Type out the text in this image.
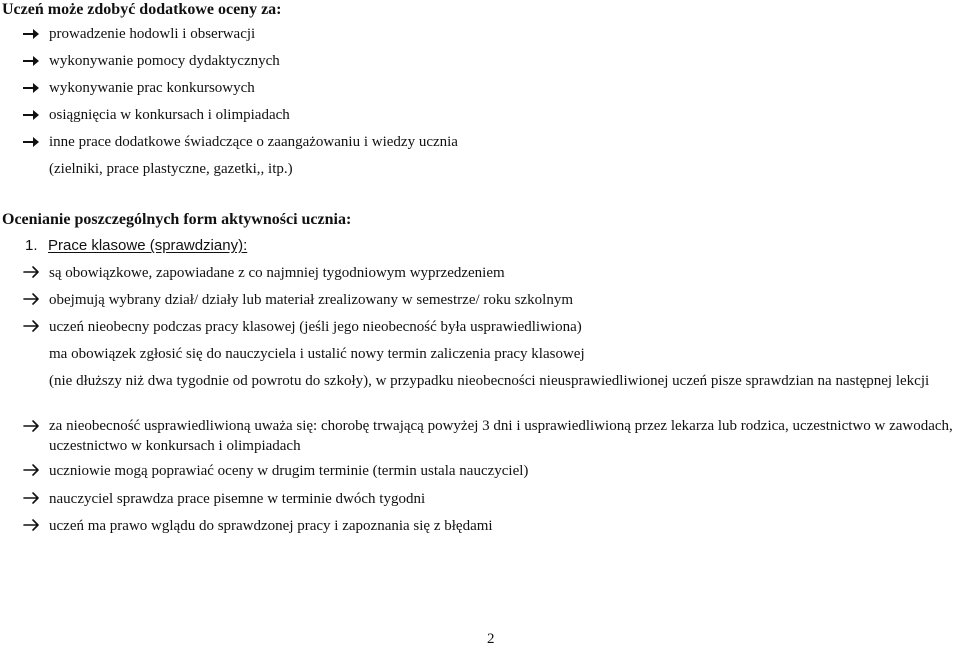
Uczeń może zdobyć dodatkowe oceny za:
prowadzenie hodowli i obserwacji
wykonywanie pomocy dydaktycznych
wykonywanie prac konkursowych
osiągnięcia w konkursach i olimpiadach
inne prace dodatkowe świadczące o zaangażowaniu i wiedzy ucznia
(zielniki, prace plastyczne, gazetki,, itp.)
Ocenianie poszczególnych form aktywności ucznia:
1. Prace klasowe (sprawdziany):
są obowiązkowe, zapowiadane z co najmniej tygodniowym wyprzedzeniem
obejmują wybrany dział/ działy lub materiał zrealizowany w semestrze/ roku szkolnym
uczeń nieobecny podczas pracy klasowej (jeśli jego nieobecność była usprawiedliwiona)
ma obowiązek zgłosić się do nauczyciela i ustalić nowy termin zaliczenia pracy klasowej
(nie dłuższy niż dwa tygodnie od powrotu do szkoły), w przypadku nieobecności nieusprawiedliwionej uczeń pisze sprawdzian na następnej lekcji
za nieobecność usprawiedliwioną uważa się: chorobę trwającą powyżej 3 dni i usprawiedliwioną przez lekarza lub rodzica, uczestnictwo w zawodach, uczestnictwo w konkursach i olimpiadach
uczniowie mogą poprawiać oceny w drugim terminie (termin ustala nauczyciel)
nauczyciel sprawdza prace pisemne w terminie dwóch tygodni
uczeń ma prawo wglądu do sprawdzonej pracy i zapoznania się z błędami
2
